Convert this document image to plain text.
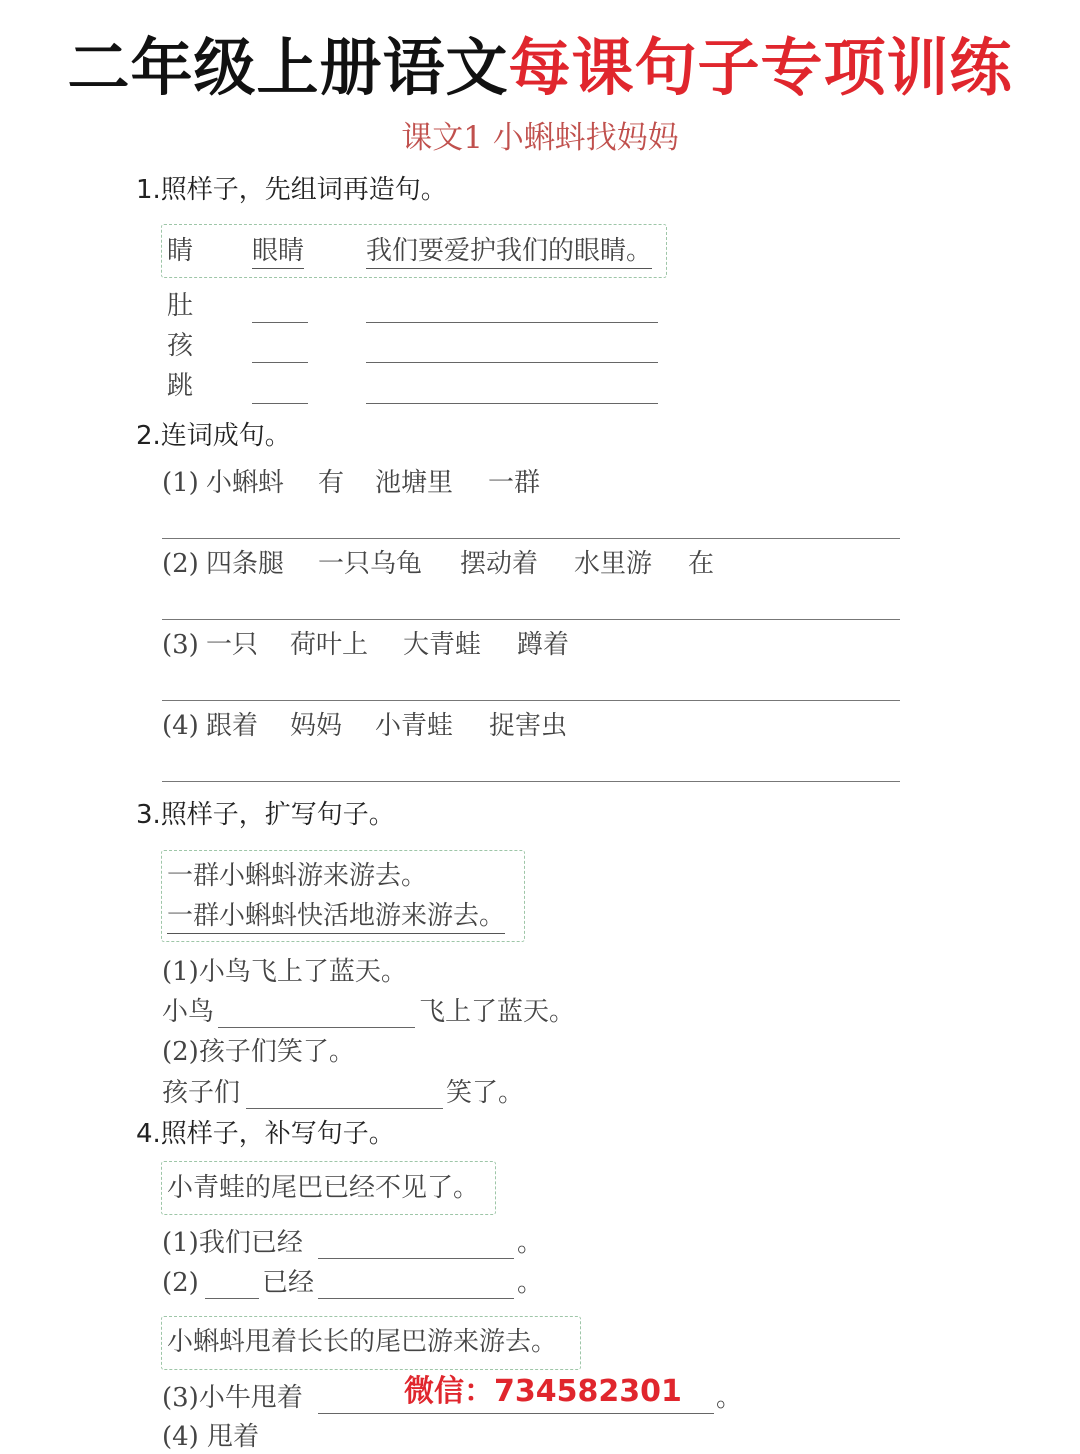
二年级上册语文每课句子专项训练
课文1 小蝌蚪找妈妈
1.照样子，先组词再造句。
睛 眼睛 我们要爱护我们的眼睛。
肚
孩
跳
2.连词成句。
(1) 小蝌蚪 有 池塘里 一群
(2) 四条腿 一只乌龟 摆动着 水里游 在
(3) 一只 荷叶上 大青蛙 蹲着
(4) 跟着 妈妈 小青蛙 捉害虫
3.照样子，扩写句子。
一群小蝌蚪游来游去。
一群小蝌蚪快活地游来游去。
(1)小鸟飞上了蓝天。
小鸟	飞上了蓝天。
(2)孩子们笑了。
孩子们	笑了。
4.照样子，补写句子。
小青蛙的尾巴已经不见了。
(1)我们已经	。
(2) 已经	。
小蝌蚪甩着长长的尾巴游来游去。
(3)小牛甩着	。
(4) 甩着
微信：734582301
